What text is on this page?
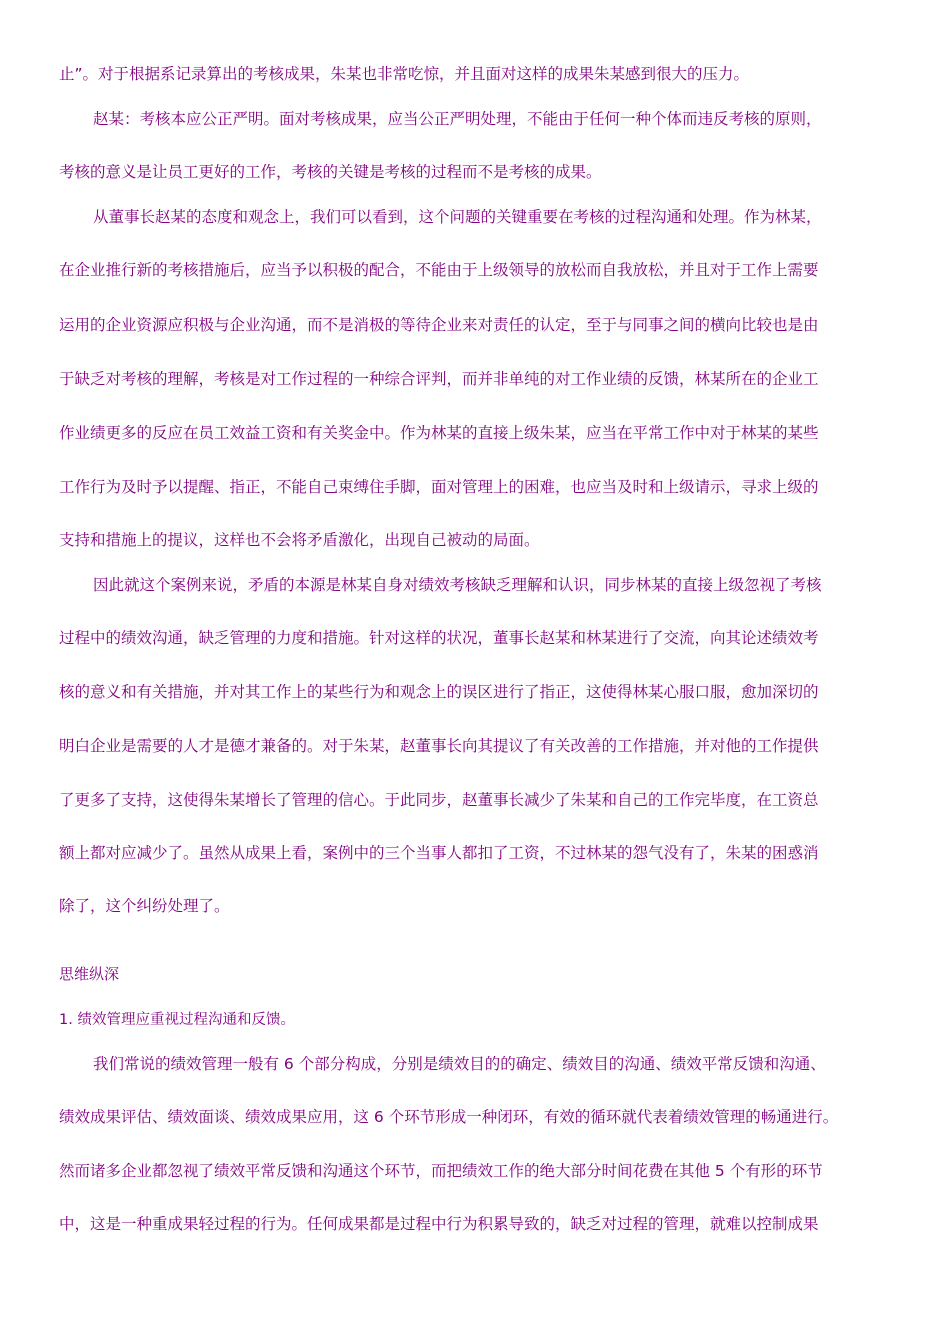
止”。对于根据系记录算出的考核成果，朱某也非常吃惊，并且面对这样的成果朱某感到很大的压力。
赵某：考核本应公正严明。面对考核成果，应当公正严明处理，不能由于任何一种个体而违反考核的原则，
考核的意义是让员工更好的工作，考核的关键是考核的过程而不是考核的成果。
从董事长赵某的态度和观念上，我们可以看到，这个问题的关键重要在考核的过程沟通和处理。作为林某，
在企业推行新的考核措施后，应当予以积极的配合，不能由于上级领导的放松而自我放松，并且对于工作上需要
运用的企业资源应积极与企业沟通，而不是消极的等待企业来对责任的认定，至于与同事之间的横向比较也是由
于缺乏对考核的理解，考核是对工作过程的一种综合评判，而并非单纯的对工作业绩的反馈，林某所在的企业工
作业绩更多的反应在员工效益工资和有关奖金中。作为林某的直接上级朱某，应当在平常工作中对于林某的某些
工作行为及时予以提醒、指正，不能自己束缚住手脚，面对管理上的困难，也应当及时和上级请示，寻求上级的
支持和措施上的提议，这样也不会将矛盾激化，出现自己被动的局面。
因此就这个案例来说，矛盾的本源是林某自身对绩效考核缺乏理解和认识，同步林某的直接上级忽视了考核
过程中的绩效沟通，缺乏管理的力度和措施。针对这样的状况，董事长赵某和林某进行了交流，向其论述绩效考
核的意义和有关措施，并对其工作上的某些行为和观念上的误区进行了指正，这使得林某心服口服，愈加深切的
明白企业是需要的人才是德才兼备的。对于朱某，赵董事长向其提议了有关改善的工作措施，并对他的工作提供
了更多了支持，这使得朱某增长了管理的信心。于此同步，赵董事长减少了朱某和自己的工作完毕度，在工资总
额上都对应减少了。虽然从成果上看，案例中的三个当事人都扣了工资，不过林某的怨气没有了，朱某的困惑消
除了，这个纠纷处理了。
思维纵深
1. 绩效管理应重视过程沟通和反馈。
我们常说的绩效管理一般有 6 个部分构成，分别是绩效目的的确定、绩效目的沟通、绩效平常反馈和沟通、
绩效成果评估、绩效面谈、绩效成果应用，这 6 个环节形成一种闭环，有效的循环就代表着绩效管理的畅通进行。
然而诸多企业都忽视了绩效平常反馈和沟通这个环节，而把绩效工作的绝大部分时间花费在其他 5 个有形的环节
中，这是一种重成果轻过程的行为。任何成果都是过程中行为积累导致的，缺乏对过程的管理，就难以控制成果
